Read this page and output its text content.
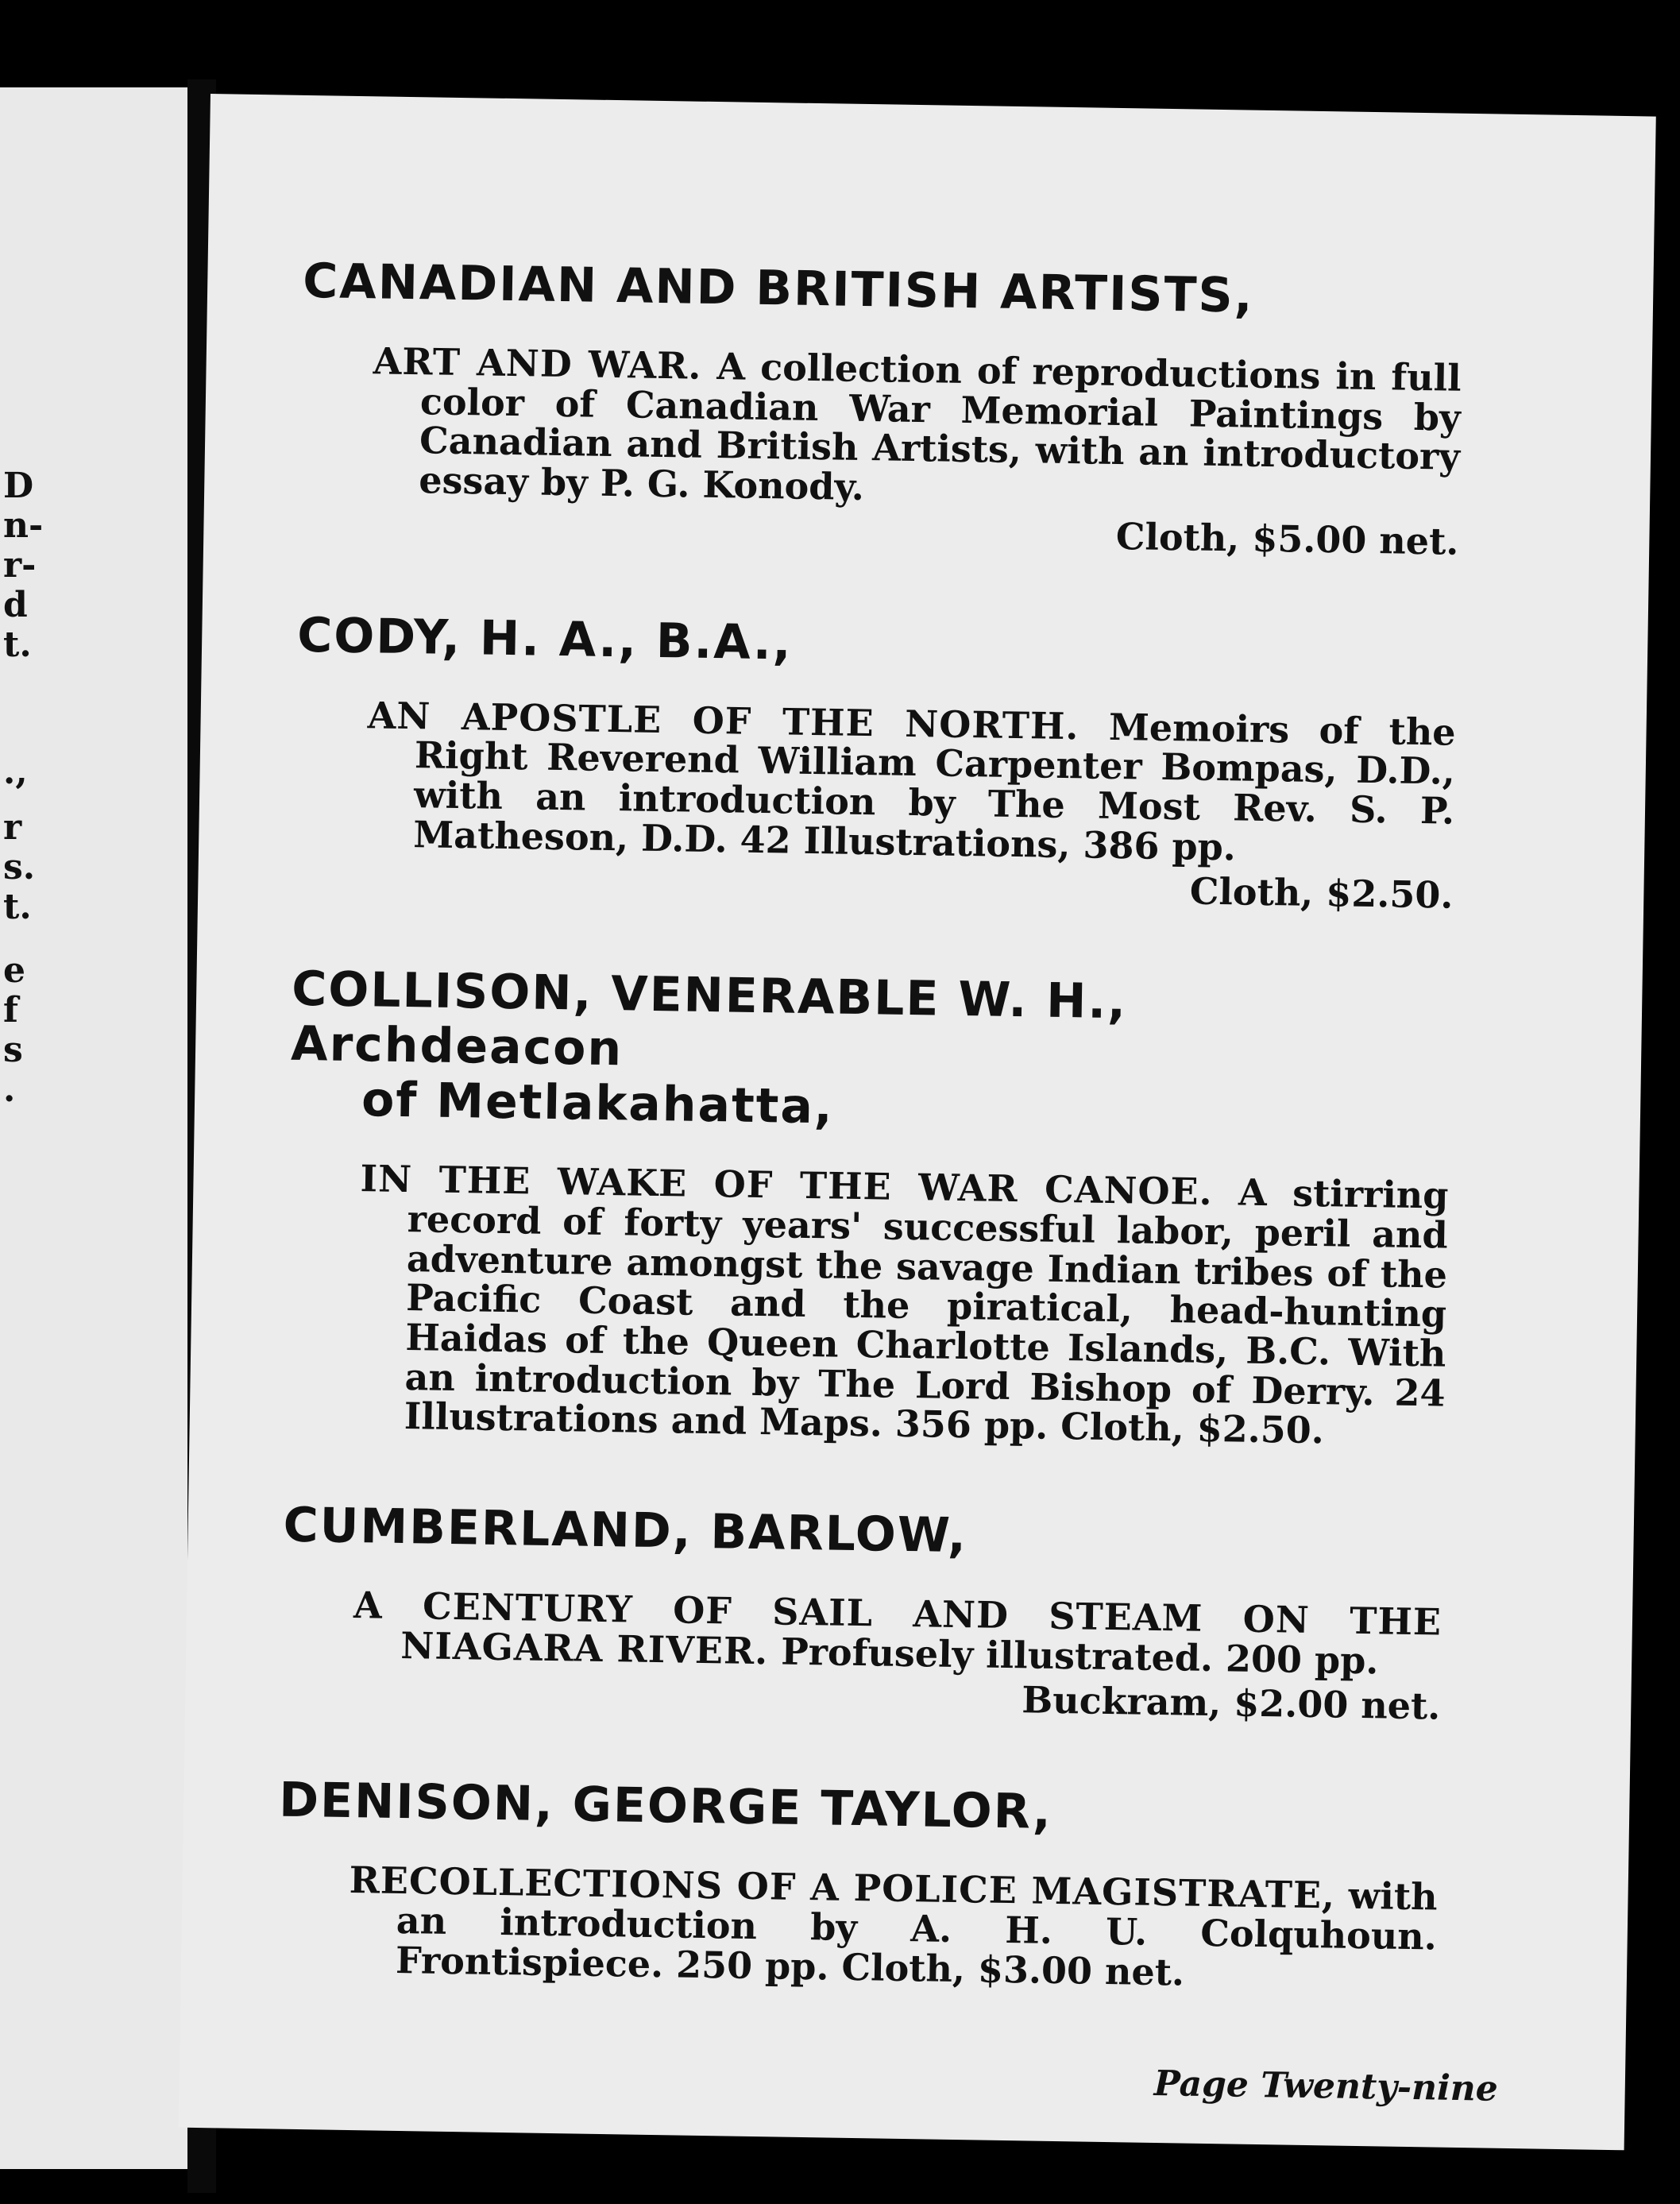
D
n-
r-
d
t.
.,
r
s.
t.
e
f
s
.

CANADIAN AND BRITISH ARTISTS,

ART AND WAR. A collection of reproductions in full color of Canadian War Memorial Paintings by Canadian and British Artists, with an introductory essay by P. G. Konody.

Cloth, $5.00 net.

CODY, H. A., B.A.,

AN APOSTLE OF THE NORTH. Memoirs of the Right Reverend William Carpenter Bompas, D.D., with an introduction by The Most Rev. S. P. Matheson, D.D. 42 Illustrations, 386 pp.

Cloth, $2.50.

COLLISON, VENERABLE W. H., Archdeacon
of Metlakahatta,

IN THE WAKE OF THE WAR CANOE. A stirring record of forty years' successful labor, peril and adventure amongst the savage Indian tribes of the Pacific Coast and the piratical, head-hunting Haidas of the Queen Charlotte Islands, B.C. With an introduction by The Lord Bishop of Derry. 24 Illustrations and Maps. 356 pp. Cloth, $2.50.

CUMBERLAND, BARLOW,

A CENTURY OF SAIL AND STEAM ON THE NIAGARA RIVER. Profusely illustrated. 200 pp.

Buckram, $2.00 net.

DENISON, GEORGE TAYLOR,

RECOLLECTIONS OF A POLICE MAGISTRATE, with an introduction by A. H. U. Colquhoun. Frontispiece. 250 pp. Cloth, $3.00 net.

Page Twenty-nine
